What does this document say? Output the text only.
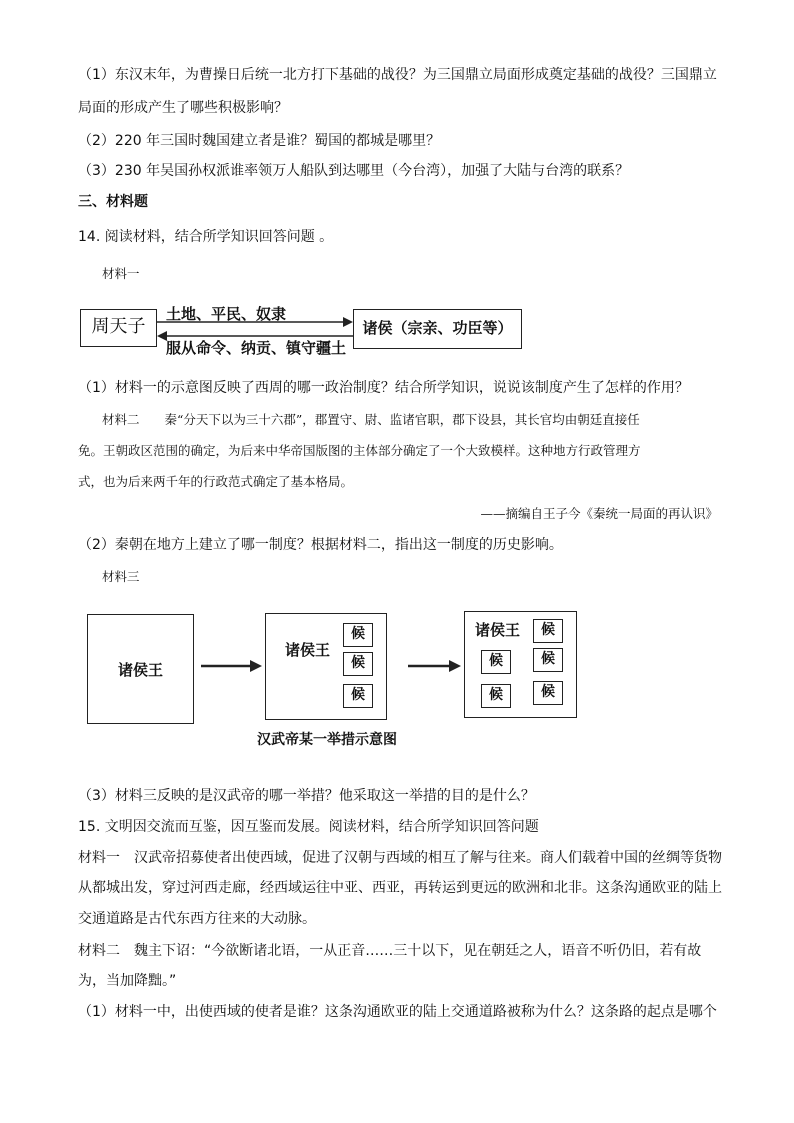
（1）东汉末年，为曹操日后统一北方打下基础的战役？为三国鼎立局面形成奠定基础的战役？三国鼎立
局面的形成产生了哪些积极影响？
（2）220 年三国时魏国建立者是谁？蜀国的都城是哪里？
（3）230 年吴国孙权派谁率领万人船队到达哪里（今台湾），加强了大陆与台湾的联系？
三、材料题
14. 阅读材料，结合所学知识回答问题 。
材料一
周天子	诸侯（宗亲、功臣等）
土地、平民、奴隶
服从命令、纳贡、镇守疆土
（1）材料一的示意图反映了西周的哪一政治制度？结合所学知识，说说该制度产生了怎样的作用？
材料二　　秦“分天下以为三十六郡”，郡置守、尉、监诸官职，郡下设县，其长官均由朝廷直接任
免。王朝政区范围的确定，为后来中华帝国版图的主体部分确定了一个大致模样。这种地方行政管理方
式，也为后来两千年的行政范式确定了基本格局。
——摘编自王子今《秦统一局面的再认识》
（2）秦朝在地方上建立了哪一制度？根据材料二，指出这一制度的历史影响。
材料三
诸侯王
诸侯王
候
候
候
诸侯王	候
候	候
候	候
汉武帝某一举措示意图
（3）材料三反映的是汉武帝的哪一举措？他采取这一举措的目的是什么？
15. 文明因交流而互鉴，因互鉴而发展。阅读材料，结合所学知识回答问题
材料一　汉武帝招募使者出使西域，促进了汉朝与西域的相互了解与往来。商人们载着中国的丝绸等货物
从都城出发，穿过河西走廊，经西域运往中亚、西亚，再转运到更远的欧洲和北非。这条沟通欧亚的陆上
交通道路是古代东西方往来的大动脉。
材料二　魏主下诏：“今欲断诸北语，一从正音……三十以下，见在朝廷之人，语音不听仍旧，若有故
为，当加降黜。”
（1）材料一中，出使西域的使者是谁？这条沟通欧亚的陆上交通道路被称为什么？这条路的起点是哪个
